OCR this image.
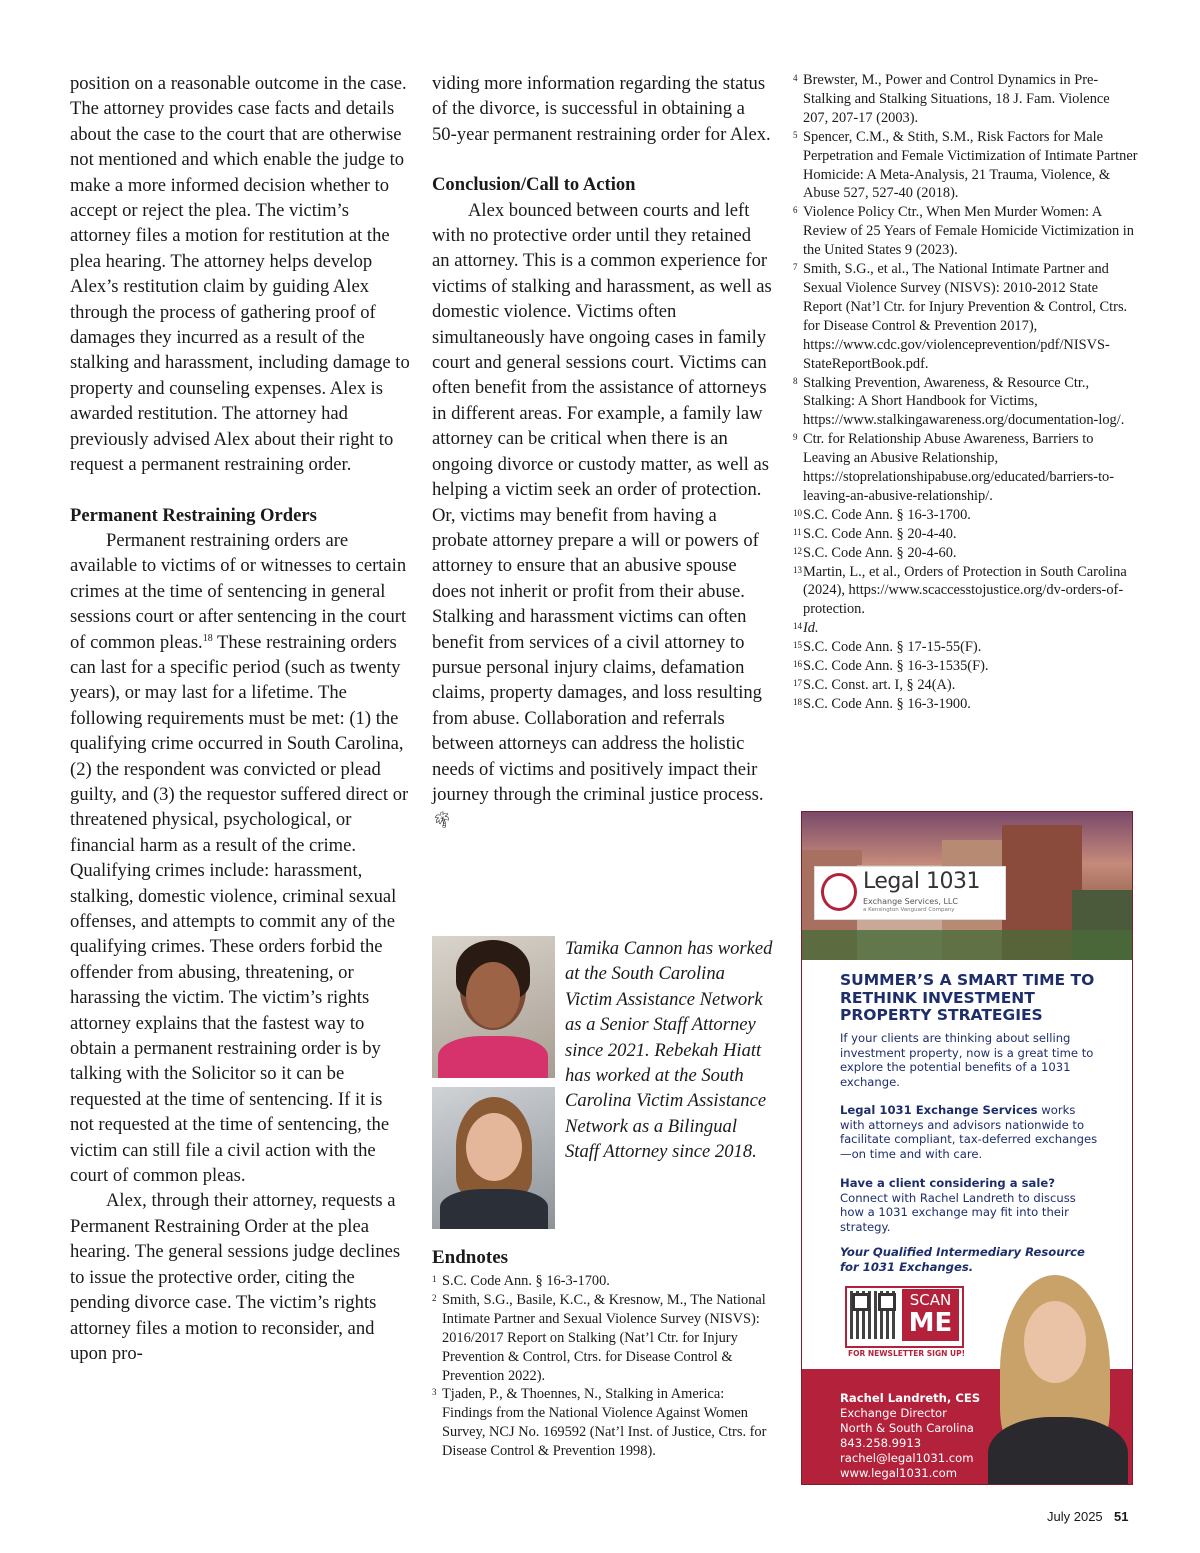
position on a reasonable outcome in the case. The attorney provides case facts and details about the case to the court that are otherwise not mentioned and which enable the judge to make a more informed decision whether to accept or reject the plea. The victim’s attorney files a motion for restitution at the plea hearing. The attorney helps develop Alex’s restitution claim by guiding Alex through the process of gathering proof of damages they incurred as a result of the stalking and harassment, including damage to property and counseling expenses. Alex is awarded restitution. The attorney had previously advised Alex about their right to request a permanent restraining order.

Permanent Restraining Orders

Permanent restraining orders are available to victims of or witnesses to certain crimes at the time of sentencing in general sessions court or after sentencing in the court of common pleas.$^{18}$ These restraining orders can last for a specific period (such as twenty years), or may last for a lifetime. The following requirements must be met: (1) the qualifying crime occurred in South Carolina, (2) the respondent was convicted or plead guilty, and (3) the requestor suffered direct or threatened physical, psychological, or financial harm as a result of the crime. Qualifying crimes include: harassment, stalking, domestic violence, criminal sexual offenses, and attempts to commit any of the qualifying crimes. These orders forbid the offender from abusing, threatening, or harassing the victim. The victim’s rights attorney explains that the fastest way to obtain a permanent restraining order is by talking with the Solicitor so it can be requested at the time of sentencing. If it is not requested at the time of sentencing, the victim can still file a civil action with the court of common pleas.

Alex, through their attorney, requests a Permanent Restraining Order at the plea hearing. The general sessions judge declines to issue the protective order, citing the pending divorce case. The victim’s rights attorney files a motion to reconsider, and upon pro-

viding more information regarding the status of the divorce, is successful in obtaining a 50-year permanent restraining order for Alex.

Conclusion/Call to Action

Alex bounced between courts and left with no protective order until they retained an attorney. This is a common experience for victims of stalking and harassment, as well as domestic violence. Victims often simultaneously have ongoing cases in family court and general sessions court. Victims can often benefit from the assistance of attorneys in different areas. For example, a family law attorney can be critical when there is an ongoing divorce or custody matter, as well as helping a victim seek an order of protection. Or, victims may benefit from having a probate attorney prepare a will or powers of attorney to ensure that an abusive spouse does not inherit or profit from their abuse. Stalking and harassment victims can often benefit from services of a civil attorney to pursue personal injury claims, defamation claims, property damages, and loss resulting from abuse. Collaboration and referrals between attorneys can address the holistic needs of victims and positively impact their journey through the criminal justice process.🌴︎

Tamika Cannon has worked at the South Carolina Victim Assistance Network as a Senior Staff Attorney since 2021. Rebekah Hiatt has worked at the South Carolina Victim Assistance Network as a Bilingual Staff Attorney since 2018.
Endnotes

1 S.C. Code Ann. § 16-3-1700.

2 Smith, S.G., Basile, K.C., & Kresnow, M., The National Intimate Partner and Sexual Violence Survey (NISVS): 2016/2017 Report on Stalking (Nat’l Ctr. for Injury Prevention & Control, Ctrs. for Disease Control & Prevention 2022).

3 Tjaden, P., & Thoennes, N., Stalking in America: Findings from the National Violence Against Women Survey, NCJ No. 169592 (Nat’l Inst. of Justice, Ctrs. for Disease Control & Prevention 1998).

4 Brewster, M., Power and Control Dynamics in Pre-Stalking and Stalking Situations, 18 J. Fam. Violence 207, 207-17 (2003).

5 Spencer, C.M., & Stith, S.M., Risk Factors for Male Perpetration and Female Victimization of Intimate Partner Homicide: A Meta-Analysis, 21 Trauma, Violence, & Abuse 527, 527-40 (2018).

6 Violence Policy Ctr., When Men Murder Women: A Review of 25 Years of Female Homicide Victimization in the United States 9 (2023).

7 Smith, S.G., et al., The National Intimate Partner and Sexual Violence Survey (NISVS): 2010-2012 State Report (Nat’l Ctr. for Injury Prevention & Control, Ctrs. for Disease Control & Prevention 2017), https://www.cdc.gov/violenceprevention/pdf/NISVS-StateReportBook.pdf.

8 Stalking Prevention, Awareness, & Resource Ctr., Stalking: A Short Handbook for Victims, https://www.stalkingawareness.org/documentation-log/.

9 Ctr. for Relationship Abuse Awareness, Barriers to Leaving an Abusive Relationship, https://stoprelationshipabuse.org/educated/barriers-to-leaving-an-abusive-relationship/.

10 S.C. Code Ann. § 16-3-1700.

11 S.C. Code Ann. § 20-4-40.

12 S.C. Code Ann. § 20-4-60.

13 Martin, L., et al., Orders of Protection in South Carolina (2024), https://www.scaccesstojustice.org/dv-orders-of-protection.

14 Id.

15 S.C. Code Ann. § 17-15-55(F).

16 S.C. Code Ann. § 16-3-1535(F).

17 S.C. Const. art. I, § 24(A).

18 S.C. Code Ann. § 16-3-1900.

Legal 1031
Exchange Services, LLC
a Kensington Vanguard Company
SUMMER’S A SMART TIME TO RETHINK INVESTMENT PROPERTY STRATEGIES

If your clients are thinking about selling investment property, now is a great time to explore the potential benefits of a 1031 exchange.

Legal 1031 Exchange Services works with attorneys and advisors nationwide to facilitate compliant, tax-deferred exchanges—on time and with care.

Have a client considering a sale?
Connect with Rachel Landreth to discuss how a 1031 exchange may fit into their strategy.

Your Qualified Intermediary Resource for 1031 Exchanges.

SCAN
ME
FOR NEWSLETTER SIGN UP!

Rachel Landreth, CES

Exchange Director

North & South Carolina

843.258.9913

rachel@legal1031.com

www.legal1031.com

July 2025 51
